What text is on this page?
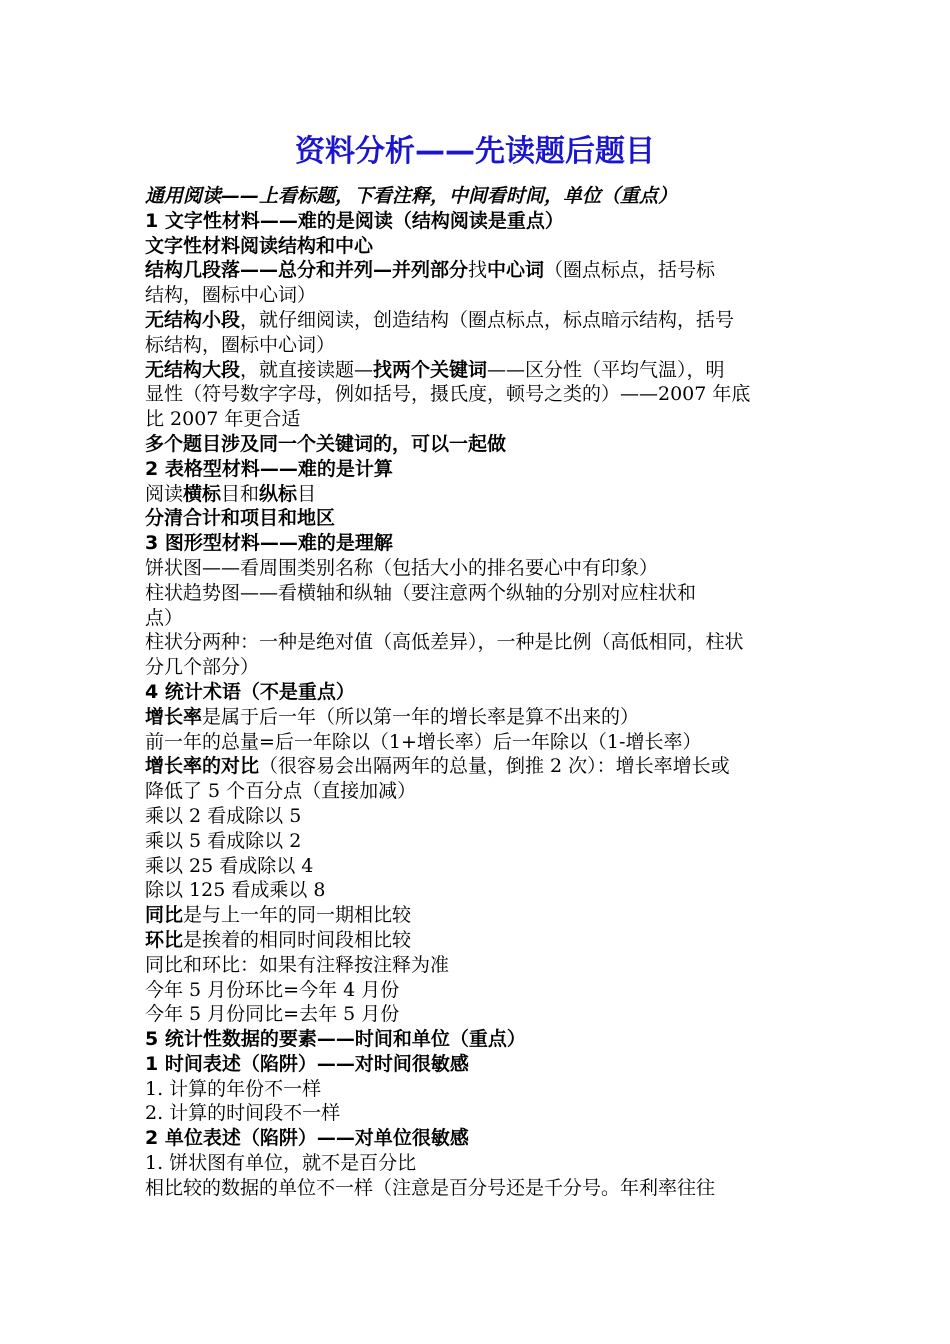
资料分析——先读题后题目
通用阅读——上看标题，下看注释，中间看时间，单位（重点）
1 文字性材料——难的是阅读（结构阅读是重点）
文字性材料阅读结构和中心
结构几段落——总分和并列—并列部分找中心词（圈点标点，括号标
结构，圈标中心词）
无结构小段，就仔细阅读，创造结构（圈点标点，标点暗示结构，括号
标结构，圈标中心词）
无结构大段，就直接读题—找两个关键词——区分性（平均气温），明
显性（符号数字字母，例如括号，摄氏度，顿号之类的）——2007 年底
比 2007 年更合适
多个题目涉及同一个关键词的，可以一起做
2 表格型材料——难的是计算
阅读横标目和纵标目
分清合计和项目和地区
3 图形型材料——难的是理解
饼状图——看周围类别名称（包括大小的排名要心中有印象）
柱状趋势图——看横轴和纵轴（要注意两个纵轴的分别对应柱状和
点）
柱状分两种：一种是绝对值（高低差异），一种是比例（高低相同，柱状
分几个部分）
4 统计术语（不是重点）
增长率是属于后一年（所以第一年的增长率是算不出来的）
前一年的总量=后一年除以（1+增长率）后一年除以（1-增长率）
增长率的对比（很容易会出隔两年的总量，倒推 2 次）：增长率增长或
降低了 5 个百分点（直接加减）
乘以 2 看成除以 5
乘以 5 看成除以 2
乘以 25 看成除以 4
除以 125 看成乘以 8
同比是与上一年的同一期相比较
环比是挨着的相同时间段相比较
同比和环比：如果有注释按注释为准
今年 5 月份环比=今年 4 月份
今年 5 月份同比=去年 5 月份
5 统计性数据的要素——时间和单位（重点）
1 时间表述（陷阱）——对时间很敏感
1. 计算的年份不一样
2. 计算的时间段不一样
2 单位表述（陷阱）——对单位很敏感
1. 饼状图有单位，就不是百分比
相比较的数据的单位不一样（注意是百分号还是千分号。年利率往往
